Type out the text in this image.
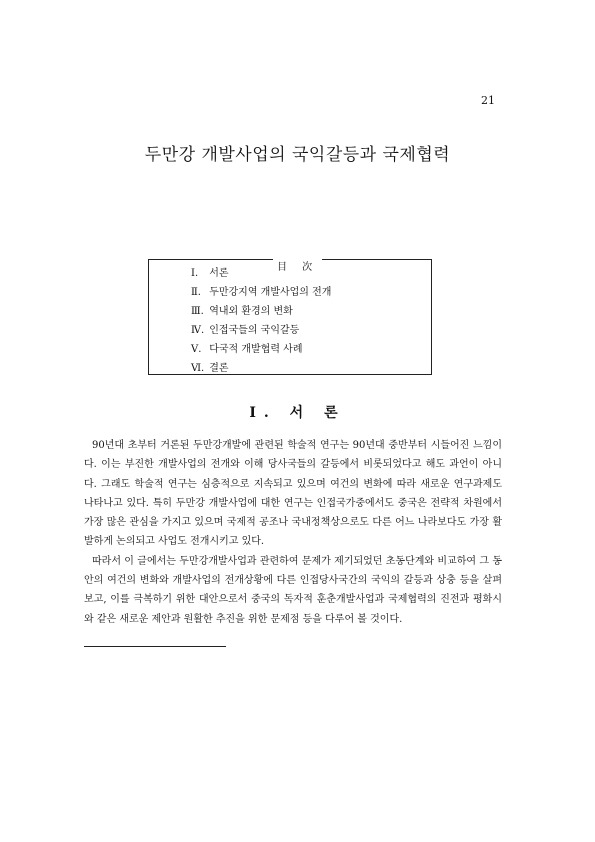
21
두만강 개발사업의 국익갈등과 국제협력
目 次
Ⅰ. 서론
Ⅱ. 두만강지역 개발사업의 전개
Ⅲ. 역내외 환경의 변화
Ⅳ. 인접국들의 국익갈등
Ⅴ. 다국적 개발협력 사례
Ⅵ. 결론
I. 서 론

90년대 초부터 거론된 두만강개발에 관련된 학술적 연구는 90년대 중반부터 시들어진 느낌이다. 이는 부진한 개발사업의 전개와 이해 당사국들의 갈등에서 비롯되었다고 해도 과언이 아니다. 그래도 학술적 연구는 심층적으로 지속되고 있으며 여건의 변화에 따라 새로운 연구과제도 나타나고 있다. 특히 두만강 개발사업에 대한 연구는 인접국가중에서도 중국은 전략적 차원에서 가장 많은 관심을 가지고 있으며 국제적 공조나 국내정책상으로도 다른 어느 나라보다도 가장 활발하게 논의되고 사업도 전개시키고 있다.

따라서 이 글에서는 두만강개발사업과 관련하여 문제가 제기되었던 초동단계와 비교하여 그 동안의 여건의 변화와 개발사업의 전개상황에 다른 인접당사국간의 국익의 갈등과 상충 등을 살펴보고, 이를 극복하기 위한 대안으로서 중국의 독자적 훈춘개발사업과 국제협력의 진전과 평화시와 같은 새로운 제안과 원활한 추진을 위한 문제점 등을 다루어 볼 것이다.
